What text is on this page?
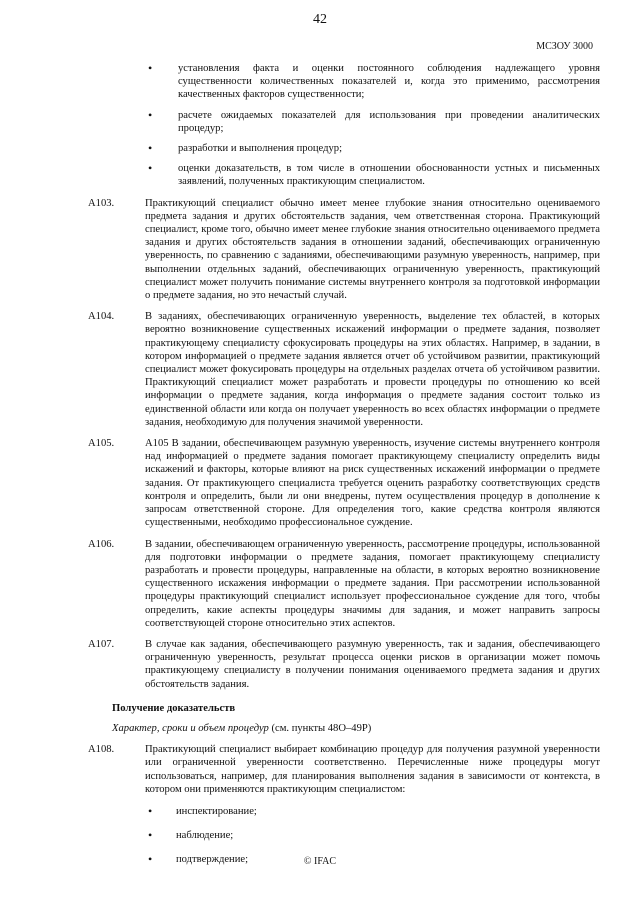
42
МСЗОУ 3000
• установления факта и оценки постоянного соблюдения надлежащего уровня существенности количественных показателей и, когда это применимо, рассмотрения качественных факторов существенности;
• расчете ожидаемых показателей для использования при проведении аналитических процедур;
• разработки и выполнения процедур;
• оценки доказательств, в том числе в отношении обоснованности устных и письменных заявлений, полученных практикующим специалистом.
A103.	Практикующий специалист обычно имеет менее глубокие знания относительно оцениваемого предмета задания и других обстоятельств задания, чем ответственная сторона. Практикующий специалист, кроме того, обычно имеет менее глубокие знания относительно оцениваемого предмета задания и других обстоятельств задания в отношении заданий, обеспечивающих ограниченную уверенность, по сравнению с заданиями, обеспечивающими разумную уверенность, например, при выполнении отдельных заданий, обеспечивающих ограниченную уверенность, практикующий специалист может получить понимание системы внутреннего контроля за подготовкой информации о предмете задания, но это нечастый случай.
A104.	В заданиях, обеспечивающих ограниченную уверенность, выделение тех областей, в которых вероятно возникновение существенных искажений информации о предмете задания, позволяет практикующему специалисту сфокусировать процедуры на этих областях. Например, в задании, в котором информацией о предмете задания является отчет об устойчивом развитии, практикующий специалист может фокусировать процедуры на отдельных разделах отчета об устойчивом развитии. Практикующий специалист может разработать и провести процедуры по отношению ко всей информации о предмете задания, когда информация о предмете задания состоит только из единственной области или когда он получает уверенность во всех областях информации о предмете задания, необходимую для получения значимой уверенности.
A105.	A105 В задании, обеспечивающем разумную уверенность, изучение системы внутреннего контроля над информацией о предмете задания помогает практикующему специалисту определить виды искажений и факторы, которые влияют на риск существенных искажений информации о предмете задания. От практикующего специалиста требуется оценить разработку соответствующих средств контроля и определить, были ли они внедрены, путем осуществления процедур в дополнение к запросам ответственной стороне. Для определения того, какие средства контроля являются существенными, необходимо профессиональное суждение.
A106.	В задании, обеспечивающем ограниченную уверенность, рассмотрение процедуры, использованной для подготовки информации о предмете задания, помогает практикующему специалисту разработать и провести процедуры, направленные на области, в которых вероятно возникновение существенного искажения информации о предмете задания. При рассмотрении использованной процедуры практикующий специалист использует профессиональное суждение для того, чтобы определить, какие аспекты процедуры значимы для задания, и может направить запросы соответствующей стороне относительно этих аспектов.
A107.	В случае как задания, обеспечивающего разумную уверенность, так и задания, обеспечивающего ограниченную уверенность, результат процесса оценки рисков в организации может помочь практикующему специалисту в получении понимания оцениваемого предмета задания и других обстоятельств задания.
Получение доказательств
Характер, сроки и объем процедур (см. пункты 48О–49Р)
A108.	Практикующий специалист выбирает комбинацию процедур для получения разумной уверенности или ограниченной уверенности соответственно. Перечисленные ниже процедуры могут использоваться, например, для планирования выполнения задания в зависимости от контекста, в котором они применяются практикующим специалистом:
• инспектирование;
• наблюдение;
• подтверждение;	© IFAC
